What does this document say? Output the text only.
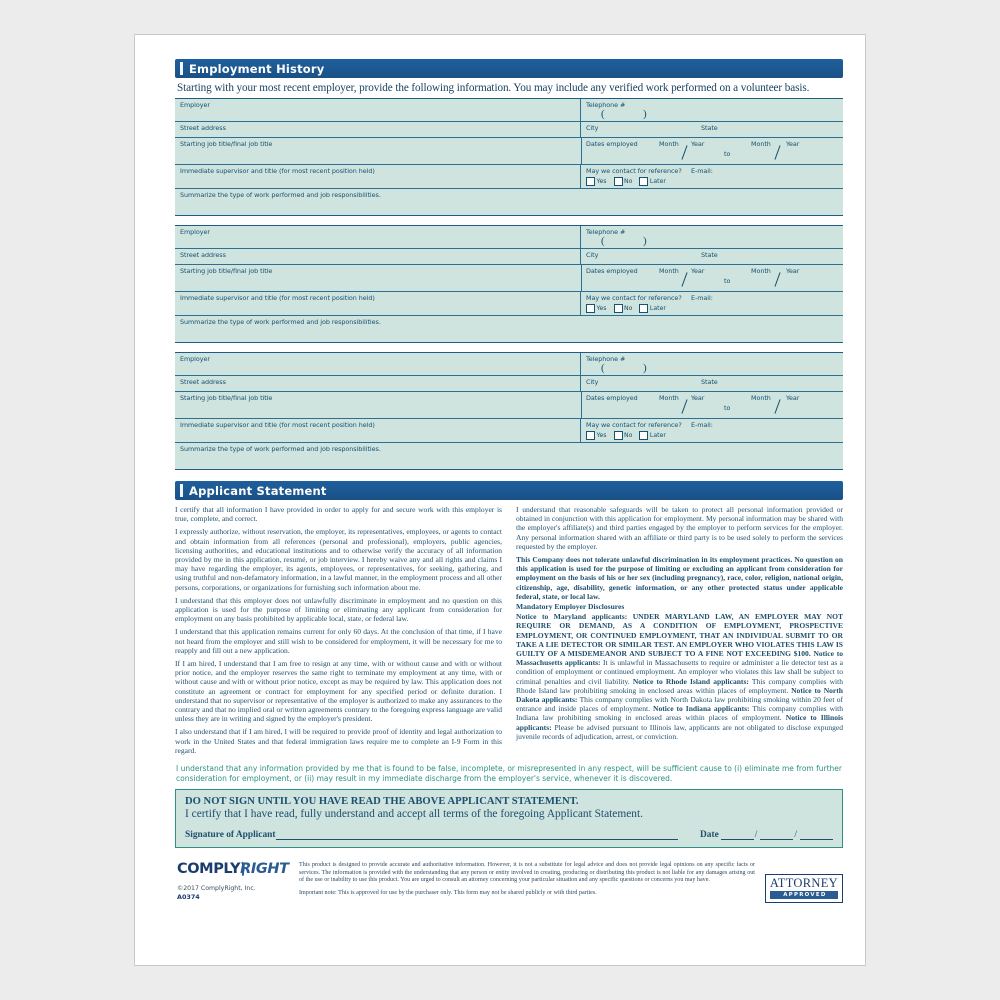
Employment History
Starting with your most recent employer, provide the following information. You may include any verified work performed on a volunteer basis.
Employer	Telephone #
(	)
Street address	City	State
Starting job title/final job title	Dates employed	Month Year	Month Year
to
Immediate supervisor and title (for most recent position held)	May we contact for reference?	E-mail:
Yes	No	Later
Summarize the type of work performed and job responsibilities.
Employer	Telephone #
(	)
Street address	City	State
Starting job title/final job title	Dates employed	Month Year	Month Year
to
Immediate supervisor and title (for most recent position held)	May we contact for reference?	E-mail:
Yes	No	Later
Summarize the type of work performed and job responsibilities.
Employer	Telephone #
(	)
Street address	City	State
Starting job title/final job title	Dates employed	Month Year	Month Year
to
Immediate supervisor and title (for most recent position held)	May we contact for reference?	E-mail:
Yes	No	Later
Summarize the type of work performed and job responsibilities.
Applicant Statement

I certify that all information I have provided in order to apply for and secure work with this employer is true, complete, and correct.

I expressly authorize, without reservation, the employer, its representatives, employees, or agents to contact and obtain information from all references (personal and professional), employers, public agencies, licensing authorities, and educational institutions and to otherwise verify the accuracy of all information provided by me in this application, resumé, or job interview. I hereby waive any and all rights and claims I may have regarding the employer, its agents, employees, or representatives, for seeking, gathering, and using truthful and non-defamatory information, in a lawful manner, in the employment process and all other persons, corporations, or organizations for furnishing such information about me.

I understand that this employer does not unlawfully discriminate in employment and no question on this application is used for the purpose of limiting or eliminating any applicant from consideration for employment on any basis prohibited by applicable local, state, or federal law.

I understand that this application remains current for only 60 days. At the conclusion of that time, if I have not heard from the employer and still wish to be considered for employment, it will be necessary for me to reapply and fill out a new application.

If I am hired, I understand that I am free to resign at any time, with or without cause and with or without prior notice, and the employer reserves the same right to terminate my employment at any time, with or without cause and with or without prior notice, except as may be required by law. This application does not constitute an agreement or contract for employment for any specified period or definite duration. I understand that no supervisor or representative of the employer is authorized to make any assurances to the contrary and that no implied oral or written agreements contrary to the foregoing express language are valid unless they are in writing and signed by the employer's president.

I also understand that if I am hired, I will be required to provide proof of identity and legal authorization to work in the United States and that federal immigration laws require me to complete an I-9 Form in this regard.

I understand that reasonable safeguards will be taken to protect all personal information provided or obtained in conjunction with this application for employment. My personal information may be shared with the employer's affiliate(s) and third parties engaged by the employer to perform services for the employer. Any personal information shared with an affiliate or third party is to be used solely to perform the services requested by the employer.

This Company does not tolerate unlawful discrimination in its employment practices. No question on this application is used for the purpose of limiting or excluding an applicant from consideration for employment on the basis of his or her sex (including pregnancy), race, color, religion, national origin, citizenship, age, disability, genetic information, or any other protected status under applicable federal, state, or local law.

Mandatory Employer Disclosures

Notice to Maryland applicants: UNDER MARYLAND LAW, AN EMPLOYER MAY NOT REQUIRE OR DEMAND, AS A CONDITION OF EMPLOYMENT, PROSPECTIVE EMPLOYMENT, OR CONTINUED EMPLOYMENT, THAT AN INDIVIDUAL SUBMIT TO OR TAKE A LIE DETECTOR OR SIMILAR TEST. AN EMPLOYER WHO VIOLATES THIS LAW IS GUILTY OF A MISDEMEANOR AND SUBJECT TO A FINE NOT EXCEEDING $100. Notice to Massachusetts applicants: It is unlawful in Massachusetts to require or administer a lie detector test as a condition of employment or continued employment. An employer who violates this law shall be subject to criminal penalties and civil liability. Notice to Rhode Island applicants: This company complies with Rhode Island law prohibiting smoking in enclosed areas within places of employment. Notice to North Dakota applicants: This company complies with North Dakota law prohibiting smoking within 20 feet of entrance and inside places of employment. Notice to Indiana applicants: This company complies with Indiana law prohibiting smoking in enclosed areas within places of employment. Notice to Illinois applicants: Please be advised pursuant to Illinois law, applicants are not obligated to disclose expunged juvenile records of adjudication, arrest, or conviction.

I understand that any information provided by me that is found to be false, incomplete, or misrepresented in any respect, will be sufficient cause to (i) eliminate me from further consideration for employment, or (ii) may result in my immediate discharge from the employer's service, whenever it is discovered.
DO NOT SIGN UNTIL YOU HAVE READ THE ABOVE APPLICANT STATEMENT.
I certify that I have read, fully understand and accept all terms of the foregoing Applicant Statement.
Signature of Applicant	Date	/	/
COMPLYRIGHT
©2017 ComplyRight, Inc.
A0374

This product is designed to provide accurate and authoritative information. However, it is not a substitute for legal advice and does not provide legal opinions on any specific facts or services. The information is provided with the understanding that any person or entity involved in creating, producing or distributing this product is not liable for any damages arising out of the use or inability to use this product. You are urged to consult an attorney concerning your particular situation and any specific questions or concerns you may have.

Important note: This is approved for use by the purchaser only. This form may not be shared publicly or with third parties.

ATTORNEY
APPROVED
